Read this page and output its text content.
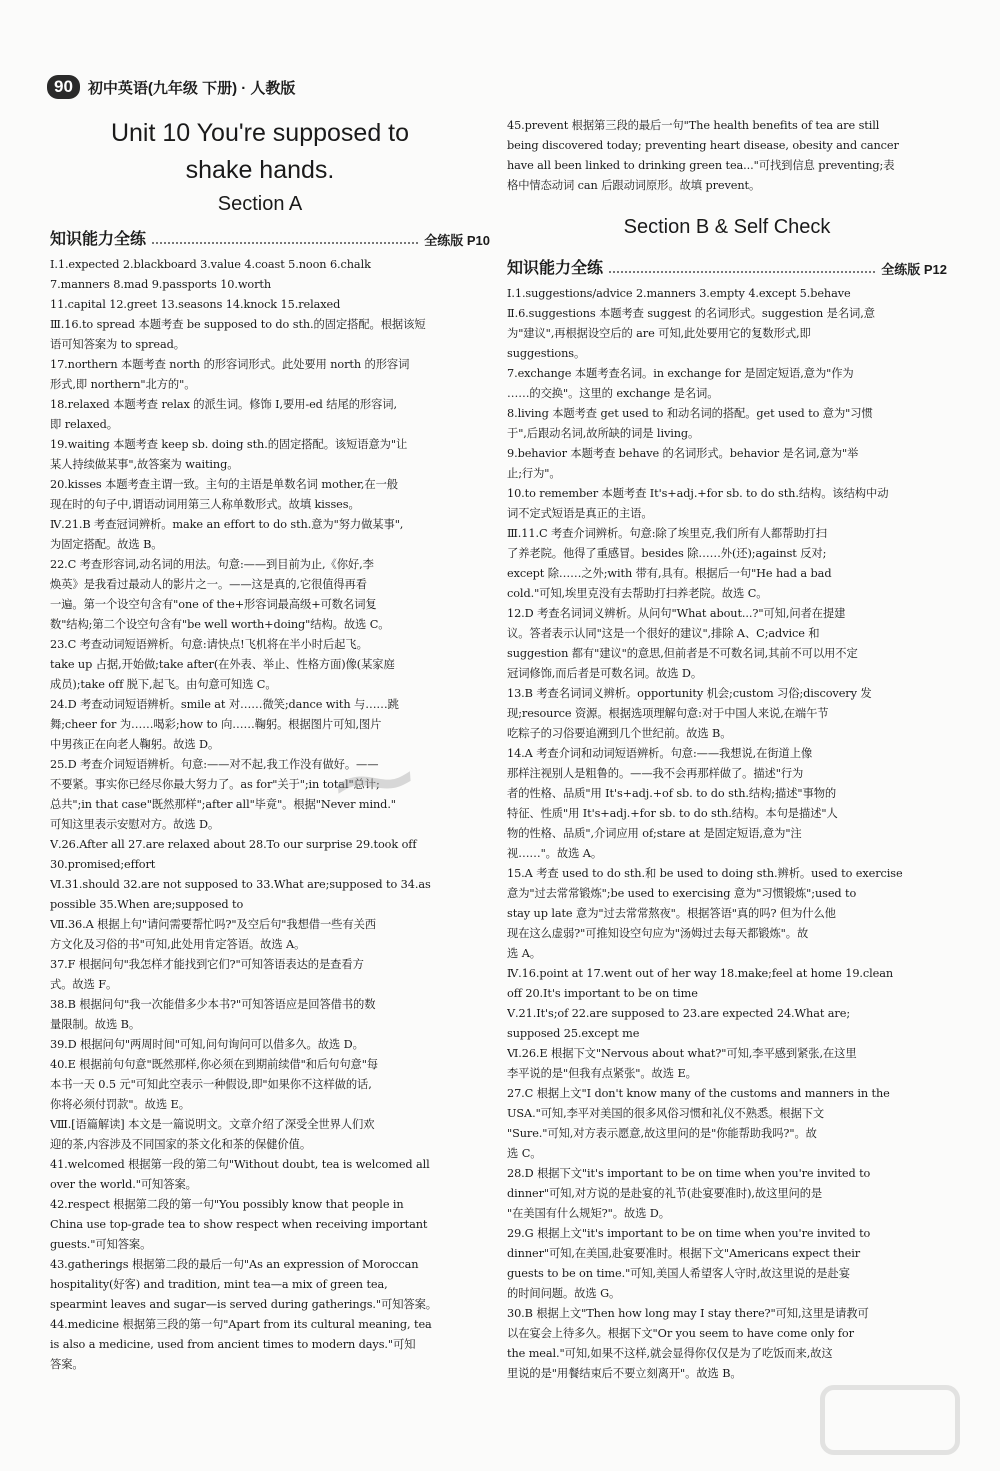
90	初中英语(九年级 下册) · 人教版
Unit 10 You're supposed to
shake hands.
Section A
知识能力全练	全练版 P10
Ⅰ.1.expected 2.blackboard 3.value 4.coast 5.noon 6.chalk
7.manners 8.mad 9.passports 10.worth
11.capital 12.greet 13.seasons 14.knock 15.relaxed
Ⅲ.16.to spread 本题考查 be supposed to do sth.的固定搭配。根据该短
语可知答案为 to spread。
17.northern 本题考查 north 的形容词形式。此处要用 north 的形容词
形式,即 northern"北方的"。
18.relaxed 本题考查 relax 的派生词。修饰 I,要用-ed 结尾的形容词,
即 relaxed。
19.waiting 本题考查 keep sb. doing sth.的固定搭配。该短语意为"让
某人持续做某事",故答案为 waiting。
20.kisses 本题考查主谓一致。主句的主语是单数名词 mother,在一般
现在时的句子中,谓语动词用第三人称单数形式。故填 kisses。
Ⅳ.21.B 考查冠词辨析。make an effort to do sth.意为"努力做某事",
为固定搭配。故选 B。
22.C 考查形容词,动名词的用法。句意:——到目前为止,《你好,李
焕英》是我看过最动人的影片之一。——这是真的,它很值得再看
一遍。第一个设空句含有"one of the+形容词最高级+可数名词复
数"结构;第二个设空句含有"be well worth+doing"结构。故选 C。
23.C 考查动词短语辨析。句意:请快点!飞机将在半小时后起飞。
take up 占据,开始做;take after(在外表、举止、性格方面)像(某家庭
成员);take off 脱下,起飞。由句意可知选 C。
24.D 考查动词短语辨析。smile at 对……微笑;dance with 与……跳
舞;cheer for 为……喝彩;how to 向……鞠躬。根据图片可知,图片
中男孩正在向老人鞠躬。故选 D。
25.D 考查介词短语辨析。句意:——对不起,我工作没有做好。——
不要紧。事实你已经尽你最大努力了。as for"关于";in total"总计;
总共";in that case"既然那样";after all"毕竟"。根据"Never mind."
可知这里表示安慰对方。故选 D。
Ⅴ.26.After all 27.are relaxed about 28.To our surprise 29.took off
30.promised;effort
Ⅵ.31.should 32.are not supposed to 33.What are;supposed to 34.as
possible 35.When are;supposed to
Ⅶ.36.A 根据上句"请问需要帮忙吗?"及空后句"我想借一些有关西
方文化及习俗的书"可知,此处用肯定答语。故选 A。
37.F 根据问句"我怎样才能找到它们?"可知答语表达的是查看方
式。故选 F。
38.B 根据问句"我一次能借多少本书?"可知答语应是回答借书的数
量限制。故选 B。
39.D 根据问句"两周时间"可知,问句询问可以借多久。故选 D。
40.E 根据前句句意"既然那样,你必须在到期前续借"和后句句意"每
本书一天 0.5 元"可知此空表示一种假设,即"如果你不这样做的话,
你将必须付罚款"。故选 E。
Ⅷ.[语篇解读] 本文是一篇说明文。文章介绍了深受全世界人们欢
迎的茶,内容涉及不同国家的茶文化和茶的保健价值。
41.welcomed 根据第一段的第二句"Without doubt, tea is welcomed all
over the world."可知答案。
42.respect 根据第二段的第一句"You possibly know that people in
China use top-grade tea to show respect when receiving important
guests."可知答案。
43.gatherings 根据第二段的最后一句"As an expression of Moroccan
hospitality(好客) and tradition, mint tea—a mix of green tea,
spearmint leaves and sugar—is served during gatherings."可知答案。
44.medicine 根据第三段的第一句"Apart from its cultural meaning, tea
is also a medicine, used from ancient times to modern days."可知
答案。
45.prevent 根据第三段的最后一句"The health benefits of tea are still
being discovered today; preventing heart disease, obesity and cancer
have all been linked to drinking green tea..."可找到信息 preventing;表
格中情态动词 can 后跟动词原形。故填 prevent。
Section B & Self Check
知识能力全练	全练版 P12
Ⅰ.1.suggestions/advice 2.manners 3.empty 4.except 5.behave
Ⅱ.6.suggestions 本题考查 suggest 的名词形式。suggestion 是名词,意
为"建议",再根据设空后的 are 可知,此处要用它的复数形式,即
suggestions。
7.exchange 本题考查名词。in exchange for 是固定短语,意为"作为
……的交换"。这里的 exchange 是名词。
8.living 本题考查 get used to 和动名词的搭配。get used to 意为"习惯
于",后跟动名词,故所缺的词是 living。
9.behavior 本题考查 behave 的名词形式。behavior 是名词,意为"举
止;行为"。
10.to remember 本题考查 It's+adj.+for sb. to do sth.结构。该结构中动
词不定式短语是真正的主语。
Ⅲ.11.C 考查介词辨析。句意:除了埃里克,我们所有人都帮助打扫
了养老院。他得了重感冒。besides 除……外(还);against 反对;
except 除……之外;with 带有,具有。根据后一句"He had a bad
cold."可知,埃里克没有去帮助打扫养老院。故选 C。
12.D 考查名词词义辨析。从问句"What about...?"可知,问者在提建
议。答者表示认同"这是一个很好的建议",排除 A、C;advice 和
suggestion 都有"建议"的意思,但前者是不可数名词,其前不可以用不定
冠词修饰,而后者是可数名词。故选 D。
13.B 考查名词词义辨析。opportunity 机会;custom 习俗;discovery 发
现;resource 资源。根据选项理解句意:对于中国人来说,在端午节
吃粽子的习俗要追溯到几个世纪前。故选 B。
14.A 考查介词和动词短语辨析。句意:——我想说,在街道上像
那样注视别人是粗鲁的。——我不会再那样做了。描述"行为
者的性格、品质"用 It's+adj.+of sb. to do sth.结构;描述"事物的
特征、性质"用 It's+adj.+for sb. to do sth.结构。本句是描述"人
物的性格、品质",介词应用 of;stare at 是固定短语,意为"注
视……"。故选 A。
15.A 考查 used to do sth.和 be used to doing sth.辨析。used to exercise
意为"过去常常锻炼";be used to exercising 意为"习惯锻炼";used to
stay up late 意为"过去常常熬夜"。根据答语"真的吗? 但为什么他
现在这么虚弱?"可推知设空句应为"汤姆过去每天都锻炼"。故
选 A。
Ⅳ.16.point at 17.went out of her way 18.make;feel at home 19.clean
off 20.It's important to be on time
Ⅴ.21.It's;of 22.are supposed to 23.are expected 24.What are;
supposed 25.except me
Ⅵ.26.E 根据下文"Nervous about what?"可知,李平感到紧张,在这里
李平说的是"但我有点紧张"。故选 E。
27.C 根据上文"I don't know many of the customs and manners in the
USA."可知,李平对美国的很多风俗习惯和礼仪不熟悉。根据下文
"Sure."可知,对方表示愿意,故这里问的是"你能帮助我吗?"。故
选 C。
28.D 根据下文"it's important to be on time when you're invited to
dinner"可知,对方说的是赴宴的礼节(赴宴要准时),故这里问的是
"在美国有什么规矩?"。故选 D。
29.G 根据上文"it's important to be on time when you're invited to
dinner"可知,在美国,赴宴要准时。根据下文"Americans expect their
guests to be on time."可知,美国人希望客人守时,故这里说的是赴宴
的时间问题。故选 G。
30.B 根据上文"Then how long may I stay there?"可知,这里是请教可
以在宴会上待多久。根据下文"Or you seem to have come only for
the meal."可知,如果不这样,就会显得你仅仅是为了吃饭而来,故这
里说的是"用餐结束后不要立刻离开"。故选 B。
⁓
